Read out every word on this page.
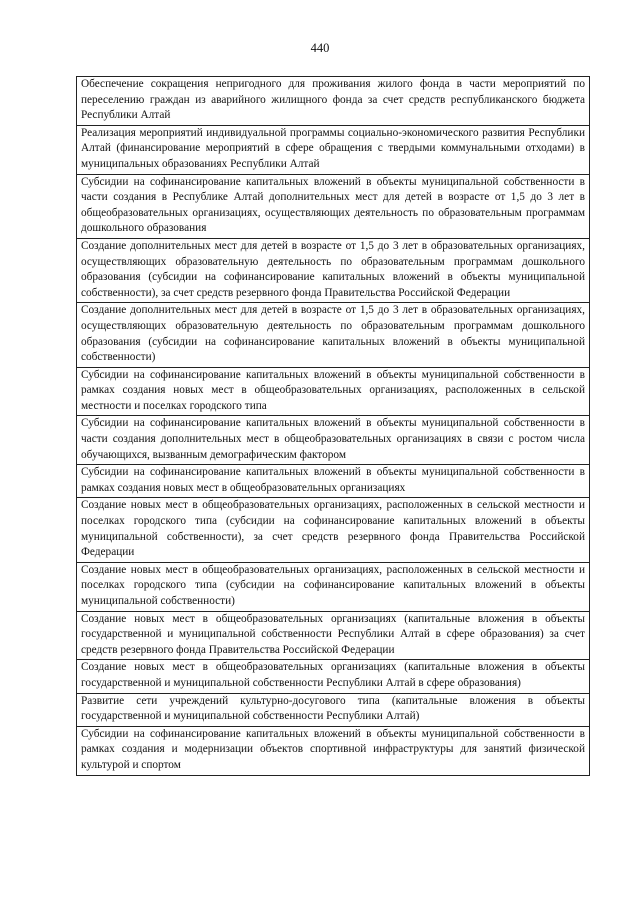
440
Обеспечение сокращения непригодного для проживания жилого фонда в части мероприятий по переселению граждан из аварийного жилищного фонда за счет средств республиканского бюджета Республики Алтай
Реализация мероприятий индивидуальной программы социально-экономического развития Республики Алтай (финансирование мероприятий в сфере обращения с твердыми коммунальными отходами) в муниципальных образованиях Республики Алтай
Субсидии на софинансирование капитальных вложений в объекты муниципальной собственности в части создания в Республике Алтай дополнительных мест для детей в возрасте от 1,5 до 3 лет в общеобразовательных организациях, осуществляющих деятельность по образовательным программам дошкольного образования
Создание дополнительных мест для детей в возрасте от 1,5 до 3 лет в образовательных организациях, осуществляющих образовательную деятельность по образовательным программам дошкольного образования (субсидии на софинансирование капитальных вложений в объекты муниципальной собственности), за счет средств резервного фонда Правительства Российской Федерации
Создание дополнительных мест для детей в возрасте от 1,5 до 3 лет в образовательных организациях, осуществляющих образовательную деятельность по образовательным программам дошкольного образования (субсидии на софинансирование капитальных вложений в объекты муниципальной собственности)
Субсидии на софинансирование капитальных вложений в объекты муниципальной собственности в рамках создания новых мест в общеобразовательных организациях, расположенных в сельской местности и поселках городского типа
Субсидии на софинансирование капитальных вложений в объекты муниципальной собственности в части создания дополнительных мест в общеобразовательных организациях в связи с ростом числа обучающихся, вызванным демографическим фактором
Субсидии на софинансирование капитальных вложений в объекты муниципальной собственности в рамках создания новых мест в общеобразовательных организациях
Создание новых мест в общеобразовательных организациях, расположенных в сельской местности и поселках городского типа (субсидии на софинансирование капитальных вложений в объекты муниципальной собственности), за счет средств резервного фонда Правительства Российской Федерации
Создание новых мест в общеобразовательных организациях, расположенных в сельской местности и поселках городского типа (субсидии на софинансирование капитальных вложений в объекты муниципальной собственности)
Создание новых мест в общеобразовательных организациях (капитальные вложения в объекты государственной и муниципальной собственности Республики Алтай в сфере образования) за счет средств резервного фонда Правительства Российской Федерации
Создание новых мест в общеобразовательных организациях (капитальные вложения в объекты государственной и муниципальной собственности Республики Алтай в сфере образования)
Развитие сети учреждений культурно-досугового типа (капитальные вложения в объекты государственной и муниципальной собственности Республики Алтай)
Субсидии на софинансирование капитальных вложений в объекты муниципальной собственности в рамках создания и модернизации объектов спортивной инфраструктуры для занятий физической культурой и спортом
